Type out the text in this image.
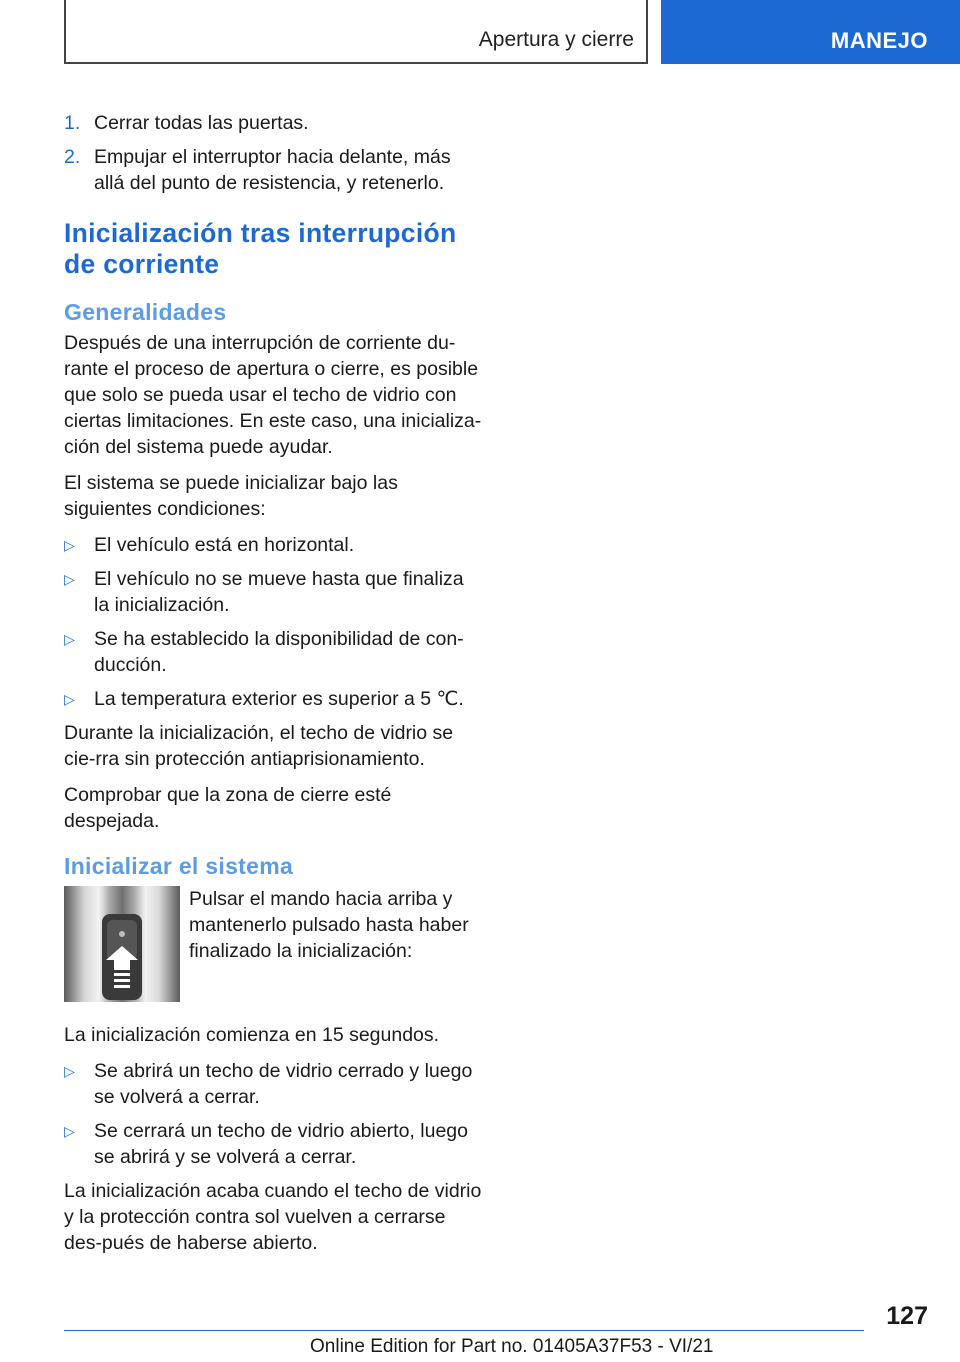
Apertura y cierre	MANEJO
1. Cerrar todas las puertas.
2. Empujar el interruptor hacia delante, más allá del punto de resistencia, y retenerlo.
Inicialización tras interrupción de corriente
Generalidades

Después de una interrupción de corriente du-rante el proceso de apertura o cierre, es posible que solo se pueda usar el techo de vidrio con ciertas limitaciones. En este caso, una inicializa-ción del sistema puede ayudar.

El sistema se puede inicializar bajo las siguientes condiciones:

▷ El vehículo está en horizontal.
▷ El vehículo no se mueve hasta que finaliza la inicialización.
▷ Se ha establecido la disponibilidad de con-ducción.
▷ La temperatura exterior es superior a 5 ℃.

Durante la inicialización, el techo de vidrio se cie-rra sin protección antiaprisionamiento.

Comprobar que la zona de cierre esté despejada.

Inicializar el sistema
Pulsar el mando hacia arriba y mantenerlo pulsado hasta haber finalizado la inicialización:

La inicialización comienza en 15 segundos.

▷ Se abrirá un techo de vidrio cerrado y luego se volverá a cerrar.
▷ Se cerrará un techo de vidrio abierto, luego se abrirá y se volverá a cerrar.

La inicialización acaba cuando el techo de vidrio y la protección contra sol vuelven a cerrarse des-pués de haberse abierto.

127
Online Edition for Part no. 01405A37F53 - VI/21
